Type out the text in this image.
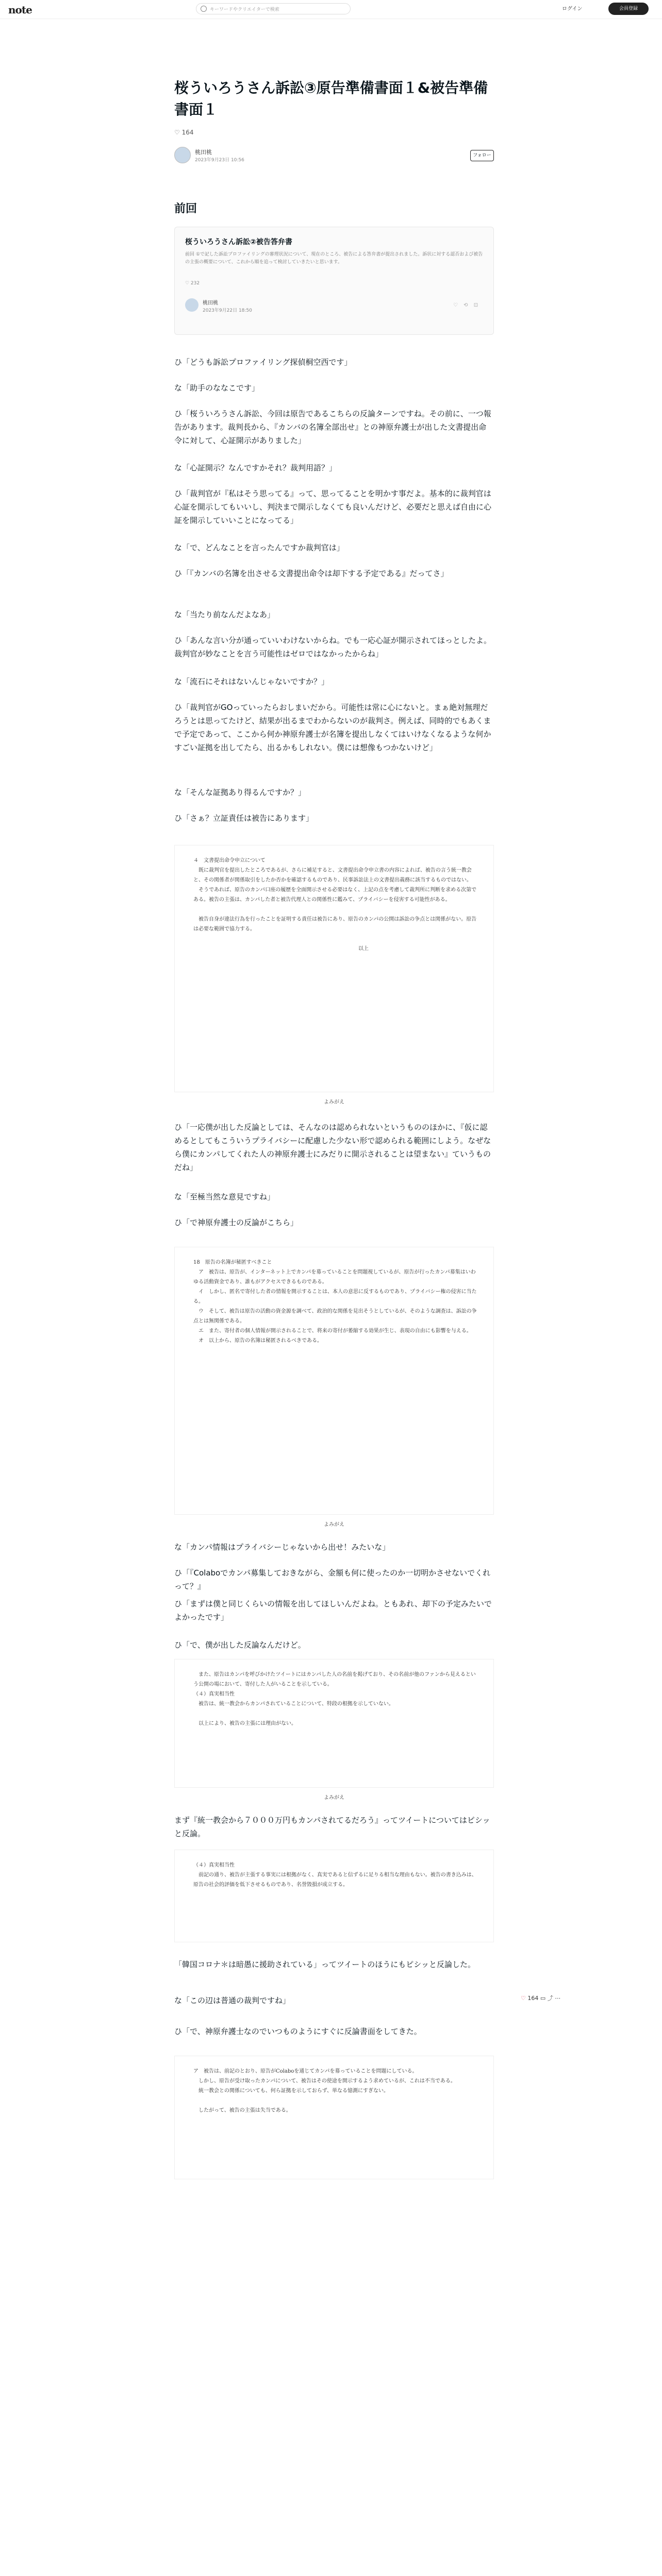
note	キーワードやクリエイターで検索	ログイン	会員登録
桜ういろうさん訴訟③原告準備書面１&被告準備書面１
♡ 164
桃田桃
2023年9月23日 10:56
フォロー
前回
桜ういろうさん訴訟②被告答弁書
前回 ①で記した訴訟プロファイリングの審理状況について、現在のところ、被告による答弁書が提出されました。訴状に対する認否および被告の主張の概要について、これから順を追って検討していきたいと思います。
♡ 232
桃田桃
2023年9月22日 18:50
♡ ⟲ ⊡
ひ「どうも訴訟プロファイリング探偵桐空西です」
な「助手のななこです」
ひ「桜ういろうさん訴訟、今回は原告であるこちらの反論ターンですね。その前に、一つ報告があります。裁判長から、『カンバの名簿全部出せ』との神原弁護士が出した文書提出命令に対して、心証開示がありました」
な「心証開示？なんですかそれ？裁判用語？」
ひ「裁判官が『私はそう思ってる』って、思ってることを明かす事だよ。基本的に裁判官は心証を開示してもいいし、判決まで開示しなくても良いんだけど、必要だと思えば自由に心証を開示していいことになってる」
な「で、どんなことを言ったんですか裁判官は」
ひ「『カンバの名簿を出させる文書提出命令は却下する予定である』だってさ」
な「当たり前なんだよなあ」
ひ「あんな言い分が通っていいわけないからね。でも一応心証が開示されてほっとしたよ。裁判官が妙なことを言う可能性はゼロではなかったからね」
な「流石にそれはないんじゃないですか？」
ひ「裁判官がGOっていったらおしまいだから。可能性は常に心にないと。まぁ絶対無理だろうとは思ってたけど、結果が出るまでわからないのが裁判さ。例えば、同時的でもあくまで予定であって、ここから何か神原弁護士が名簿を提出しなくてはいけなくなるような何かすごい証拠を出してたら、出るかもしれない。僕には想像もつかないけど」
な「そんな証拠あり得るんですか？」
ひ「さぁ？立証責任は被告にあります」
４　文書提出命令申立について
　既に裁判官を提出したところであるが、さらに補足すると、文書提出命令申立書の内容によれば、被告の言う統一教会と、その関係者が関係取引をしたか否かを確認するものであり、民事訴訟法上の文書提出義務に該当するものではない。
　そうであれば、原告のカンパ口座の履歴を全面開示させる必要はなく、上記の点を考慮して裁判所に判断を求める次第である。被告の主張は、カンパした者と被告代理人との関係性に鑑みて、プライバシーを侵害する可能性がある。

　被告自身が違法行為を行ったことを証明する責任は被告にあり、原告のカンパの公開は訴訟の争点とは関係がない。原告は必要な範囲で協力する。

　　　　　　　　　　　　　　　　　　　　　　　　　　　　　　　　以上
よみがえ
ひ「一応僕が出した反論としては、そんなのは認められないというもののほかに、『仮に認めるとしてもこういうプライバシーに配慮した少ない形で認められる範囲にしよう。なぜなら僕にカンパしてくれた人の神原弁護士にみだりに開示されることは望まない』ていうものだね」
な「至極当然な意見ですね」
ひ「で神原弁護士の反論がこちら」
18　原告の名簿が秘匿すべきこと
　ア　被告は、原告が、インターネット上でカンパを募っていることを問題視しているが、原告が行ったカンパ募集はいわゆる活動資金であり、誰もがアクセスできるものである。
　イ　しかし、匿名で寄付した者の情報を開示することは、本人の意思に反するものであり、プライバシー権の侵害に当たる。
　ウ　そして、被告は原告の活動の資金源を調べて、政治的な関係を見出そうとしているが、そのような調査は、訴訟の争点とは無関係である。
　エ　また、寄付者の個人情報が開示されることで、将来の寄付が萎縮する効果が生じ、表現の自由にも影響を与える。
　オ　以上から、原告の名簿は秘匿されるべきである。
よみがえ
な「カンパ情報はプライバシーじゃないから出せ！みたいな」
ひ「『Colaboでカンパ募集しておきながら、金額も何に使ったのか一切明かさせないでくれって？』
ひ「まずは僕と同じくらいの情報を出してほしいんだよね。ともあれ、却下の予定みたいでよかったです」
ひ「で、僕が出した反論なんだけど。
　また、原告はカンパを呼びかけたツイートにはカンパした人の名前を掲げており、その名前が他のファンから見えるという公開の場において、寄付した人がいることを示している。
（４）真実相当性
　被告は、統一教会からカンパされていることについて、特段の根拠を示していない。

　以上により、被告の主張には理由がない。
よみがえ
まず『統一教会から７０００万円もカンパされてるだろう』ってツイートについてはピシッと反論。
（４）真実相当性
　前記の通り、被告が主張する事実には根拠がなく、真実であると信ずるに足りる相当な理由もない。被告の書き込みは、原告の社会的評価を低下させるものであり、名誉毀損が成立する。
「韓国コロナ＊は暗愚に援助されている」ってツイートのほうにもピシッと反論した。
な「この辺は普通の裁判ですね」
ひ「で、神原弁護士なのでいつものようにすぐに反論書面をしてきた。
ア　被告は、前記のとおり、原告がColaboを通じてカンパを募っていることを問題にしている。
　しかし、原告が受け取ったカンパについて、被告はその使途を開示するよう求めているが、これは不当である。
　統一教会との関係についても、何ら証拠を示しておらず、単なる憶測にすぎない。

　したがって、被告の主張は失当である。
♡ 164 ▭ ⤴ ⋯
